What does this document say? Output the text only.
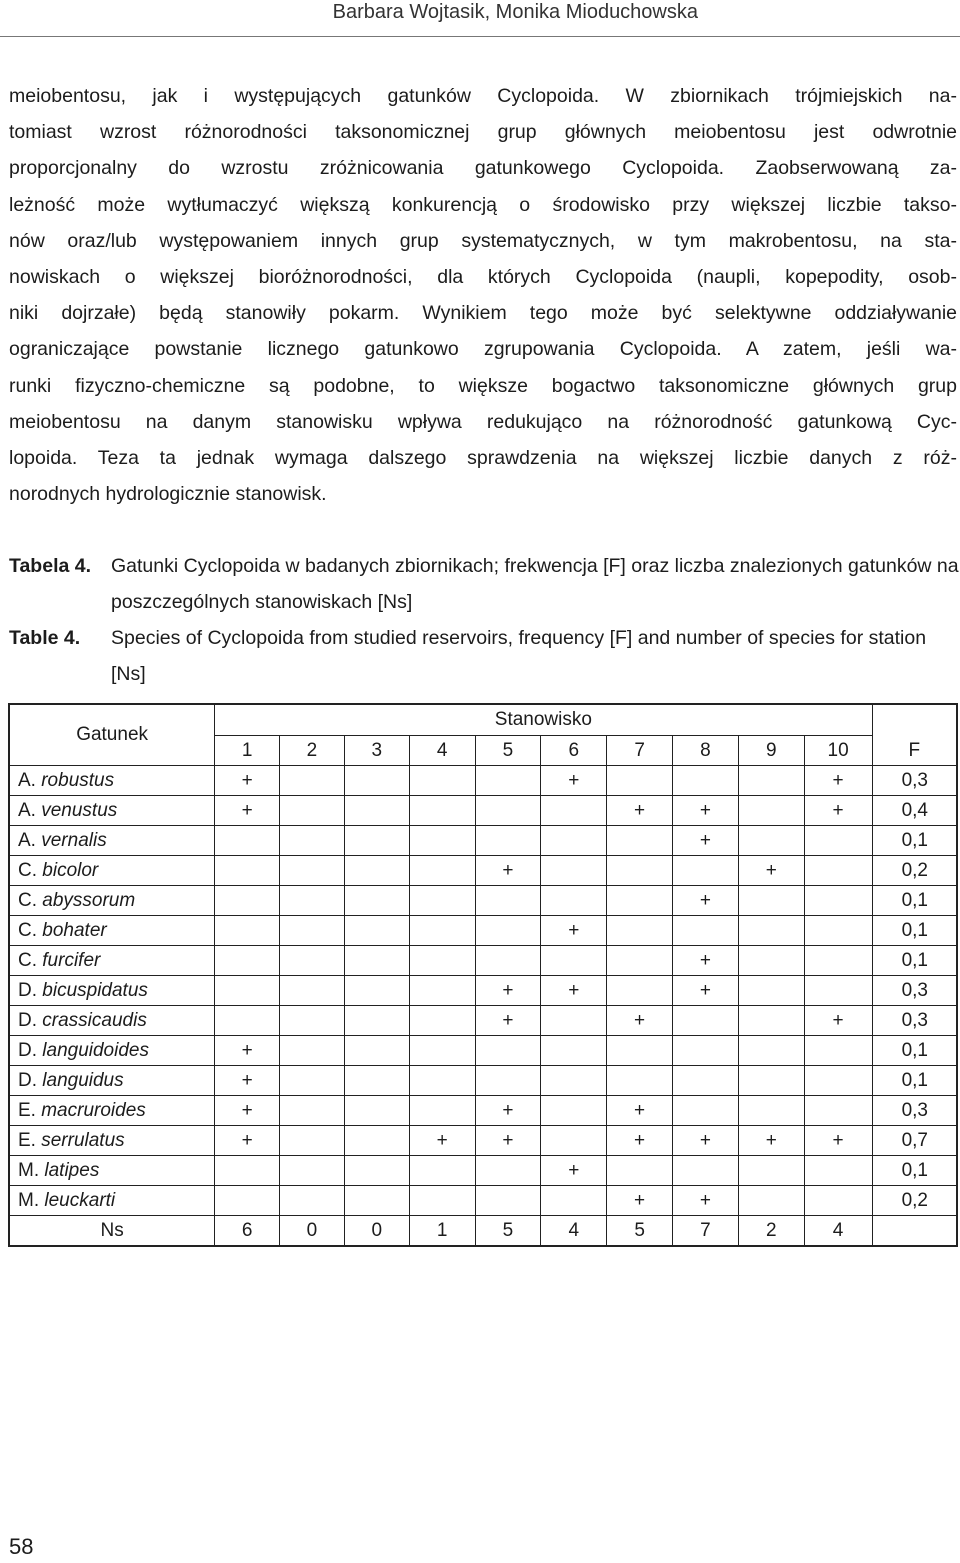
Barbara Wojtasik, Monika Mioduchowska
meiobentosu, jak i występujących gatunków Cyclopoida. W zbiornikach trójmiejskich na-
tomiast wzrost różnorodności taksonomicznej grup głównych meiobentosu jest odwrotnie
proporcjonalny do wzrostu zróżnicowania gatunkowego Cyclopoida. Zaobserwowaną za-
leżność może wytłumaczyć większą konkurencją o środowisko przy większej liczbie takso-
nów oraz/lub występowaniem innych grup systematycznych, w tym makrobentosu, na sta-
nowiskach o większej bioróżnorodności, dla których Cyclopoida (naupli, kopepodity, osob-
niki dojrzałe) będą stanowiły pokarm. Wynikiem tego może być selektywne oddziaływanie
ograniczające powstanie licznego gatunkowo zgrupowania Cyclopoida. A zatem, jeśli wa-
runki fizyczno-chemiczne są podobne, to większe bogactwo taksonomiczne głównych grup
meiobentosu na danym stanowisku wpływa redukująco na różnorodność gatunkową Cyc-
lopoida. Teza ta jednak wymaga dalszego sprawdzenia na większej liczbie danych z róż-
norodnych hydrologicznie stanowisk.
Tabela 4. Gatunki Cyclopoida w badanych zbiornikach; frekwencja [F] oraz liczba znalezionych gatunków na poszczególnych stanowiskach [Ns]
Table 4. Species of Cyclopoida from studied reservoirs, frequency [F] and number of species for station [Ns]
Gatunek	Stanowisko										F
	1	2	3	4	5	6	7	8	9	10	
A. robustus	+					+				+	0,3
A. venustus	+						+	+		+	0,4
A. vernalis								+			0,1
C. bicolor					+				+		0,2
C. abyssorum								+			0,1
C. bohater						+					0,1
C. furcifer								+			0,1
D. bicuspidatus					+	+		+			0,3
D. crassicaudis					+		+			+	0,3
D. languidoides	+										0,1
D. languidus	+										0,1
E. macruroides	+				+		+				0,3
E. serrulatus	+			+	+		+	+	+	+	0,7
M. latipes						+					0,1
M. leuckarti							+	+			0,2
Ns	6	0	0	1	5	4	5	7	2	4	
58
